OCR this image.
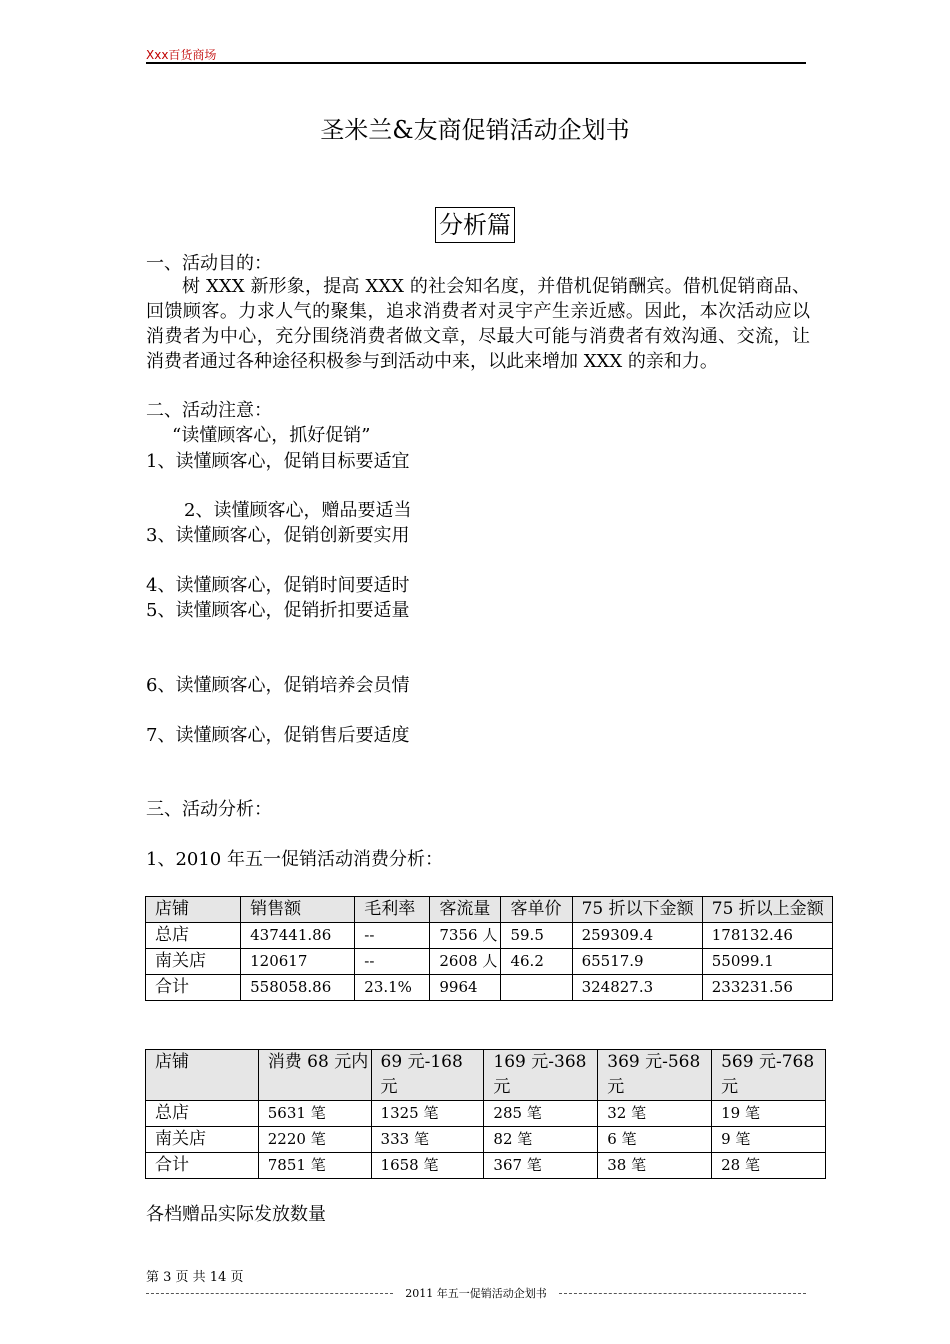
Xxx百货商场
圣米兰&友商促销活动企划书
分析篇
一、活动目的：
树 XXX 新形象，提高 XXX 的社会知名度，并借机促销酬宾。借机促销商品、回馈顾客。力求人气的聚集，追求消费者对灵宇产生亲近感。因此，本次活动应以消费者为中心，充分围绕消费者做文章，尽最大可能与消费者有效沟通、交流，让消费者通过各种途径积极参与到活动中来，以此来增加 XXX 的亲和力。
二、活动注意：
“读懂顾客心，抓好促销”
1、读懂顾客心，促销目标要适宜
2、读懂顾客心，赠品要适当
3、读懂顾客心，促销创新要实用
4、读懂顾客心，促销时间要适时
5、读懂顾客心，促销折扣要适量
6、读懂顾客心，促销培养会员情
7、读懂顾客心，促销售后要适度
三、活动分析：
1、2010 年五一促销活动消费分析：
店铺	销售额	毛利率	客流量	客单价	75 折以下金额	75 折以上金额
总店	437441.86	--	7356 人	59.5	259309.4	178132.46
南关店	120617	--	2608 人	46.2	65517.9	55099.1
合计	558058.86	23.1%	9964		324827.3	233231.56
店铺	消费 68 元内	69 元-168 元	169 元-368 元	369 元-568 元	569 元-768 元
总店	5631 笔	1325 笔	285 笔	32 笔	19 笔
南关店	2220 笔	333 笔	82 笔	6 笔	9 笔
合计	7851 笔	1658 笔	367 笔	38 笔	28 笔
各档赠品实际发放数量
第 3 页 共 14 页
2011 年五一促销活动企划书
